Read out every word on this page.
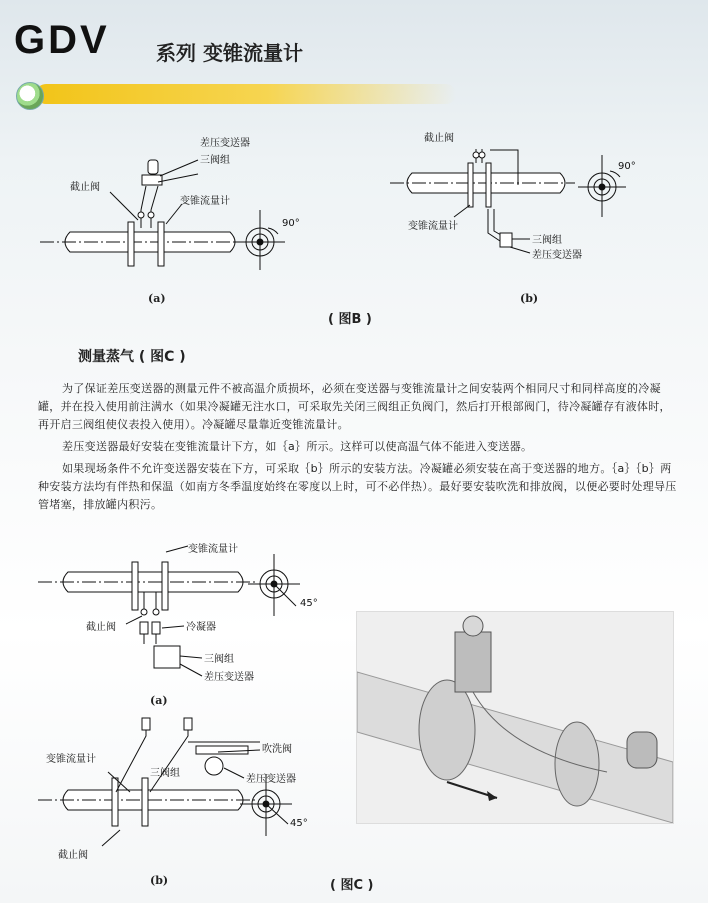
GDV 系列 变锥流量计
差压变送器
三阀组
截止阀
变锥流量计
90°
(a)
截止阀
变锥流量计
三阀组
差压变送器
90°
(b)
( 图B )
测量蒸气 ( 图C )
为了保证差压变送器的测量元件不被高温介质损坏，必须在变送器与变锥流量计之间安装两个相同尺寸和同样高度的冷凝罐，并在投入使用前注满水（如果冷凝罐无注水口，可采取先关闭三阀组正负阀门，然后打开根部阀门，待冷凝罐存有液体时，再开启三阀组使仪表投入使用）。冷凝罐尽量靠近变锥流量计。
差压变送器最好安装在变锥流量计下方，如｛a｝所示。这样可以使高温气体不能进入变送器。
如果现场条件不允许变送器安装在下方，可采取｛b｝所示的安装方法。冷凝罐必须安装在高于变送器的地方。｛a｝｛b｝两种安装方法均有伴热和保温（如南方冬季温度始终在零度以上时，可不必伴热）。最好要安装吹洗和排放阀，以便必要时处理导压管堵塞，排放罐内积污。
变锥流量计
截止阀	冷凝器
三阀组
差压变送器
45°
(a)
变锥流量计
三阀组
吹洗阀
差压变送器
截止阀
45°
(b)	( 图C )
